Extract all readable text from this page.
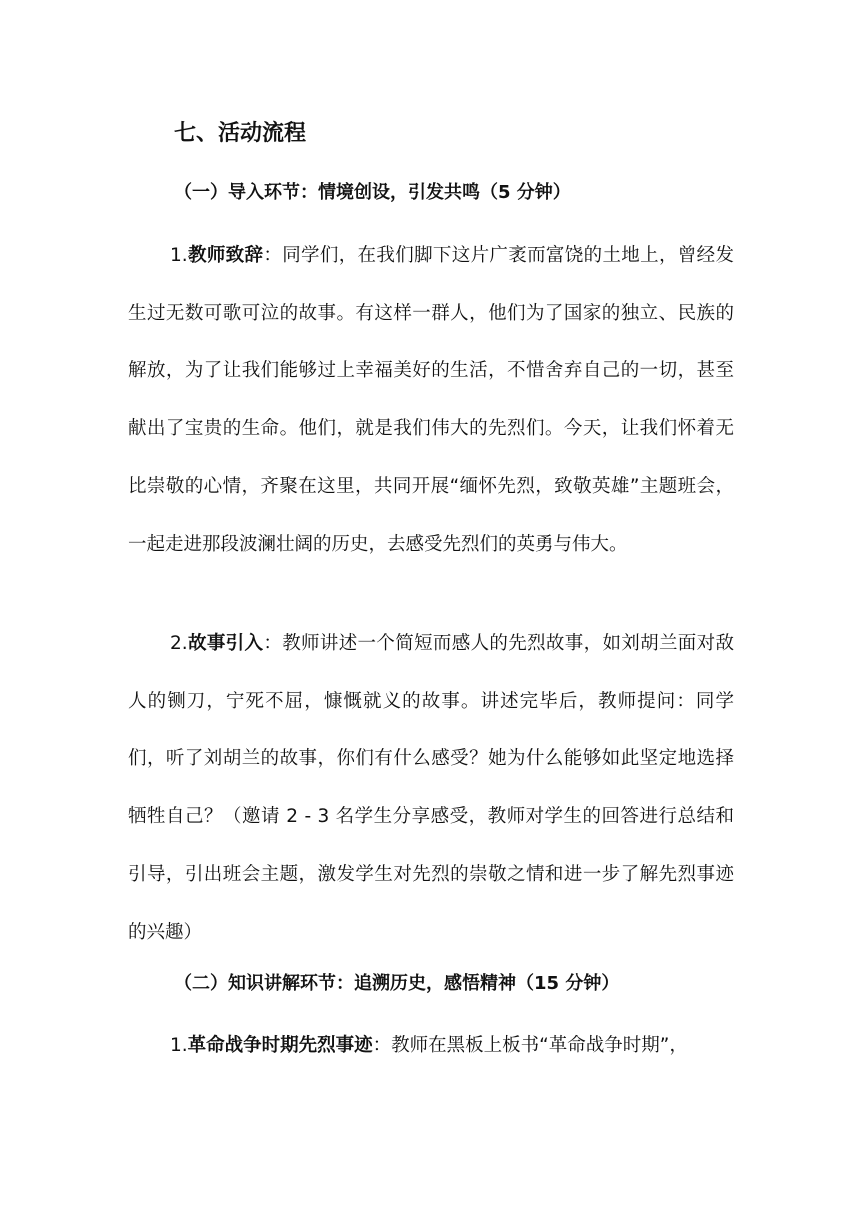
七、活动流程
（一）导入环节：情境创设，引发共鸣（5 分钟）

1.教师致辞：同学们，在我们脚下这片广袤而富饶的土地上，曾经发生过无数可歌可泣的故事。有这样一群人，他们为了国家的独立、民族的解放，为了让我们能够过上幸福美好的生活，不惜舍弃自己的一切，甚至献出了宝贵的生命。他们，就是我们伟大的先烈们。今天，让我们怀着无比崇敬的心情，齐聚在这里，共同开展“缅怀先烈，致敬英雄”主题班会，一起走进那段波澜壮阔的历史，去感受先烈们的英勇与伟大。

2.故事引入：教师讲述一个简短而感人的先烈故事，如刘胡兰面对敌人的铡刀，宁死不屈，慷慨就义的故事。讲述完毕后，教师提问：同学们，听了刘胡兰的故事，你们有什么感受？她为什么能够如此坚定地选择牺牲自己？（邀请 2 - 3 名学生分享感受，教师对学生的回答进行总结和引导，引出班会主题，激发学生对先烈的崇敬之情和进一步了解先烈事迹的兴趣）

（二）知识讲解环节：追溯历史，感悟精神（15 分钟）

1.革命战争时期先烈事迹：教师在黑板上板书“革命战争时期”，
